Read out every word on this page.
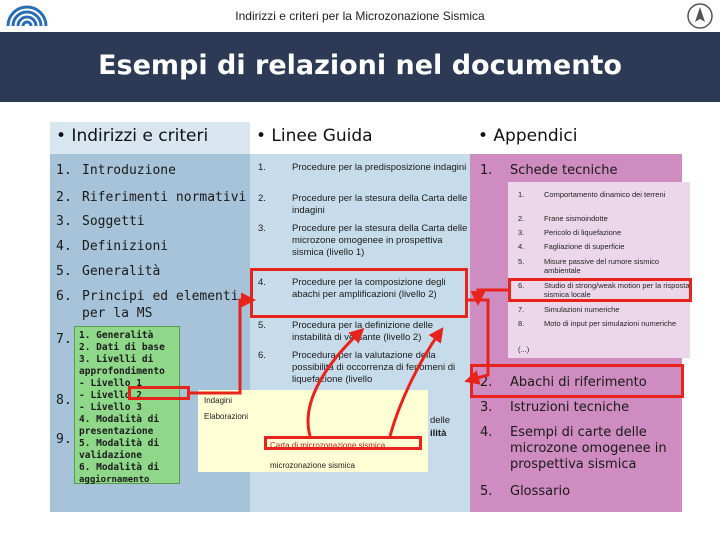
Indirizzi e criteri per la Microzonazione Sismica
Esempi di relazioni nel documento
• Indirizzi e criteri
1. Introduzione
2. Riferimenti normativi
3. Soggetti
4. Definizioni
5. Generalità
6. Principi ed elementi
per la MS
7.
8.
9.
• Linee Guida
1.	Procedure per la predisposizione indagini
2.	Procedure per la stesura della Carta delle indagini
3.	Procedure per la stesura della Carta delle microzone omogenee in prospettiva sismica (livello 1)
4.	Procedure per la composizione degli abachi per amplificazioni (livello 2)
5.	Procedura per la definizione delle instabilità di versante (livello 2)
6.	Procedura per la valutazione della possibilità di occorrenza di fenomeni di liquefazione (livello
delle
ilità
• Appendici
1. Schede tecniche
1.	Comportamento dinamico dei terreni
2.	Frane sismoindotte
3.	Pericolo di liquefazione
4.	Fagliazione di superficie
5.	Misure passive del rumore sismico ambientale
6.	Studio di strong/weak motion per la risposta sismica locale
7.	Simulazioni numeriche
8.	Moto di input per simulazioni numeriche
(...)
2. Abachi di riferimento
3. Istruzioni tecniche
4. Esempi di carte delle microzone omogenee in prospettiva sismica
5. Glossario
Indagini
Elaborazioni
Carta di microzonazione sismica
microzonazione sismica
1. Generalità
2. Dati di base
3. Livelli di
approfondimento
- Livello 1
- Livello 2
- Livello 3
4. Modalità di
presentazione
5. Modalità di
validazione
6. Modalità di
aggiornamento
